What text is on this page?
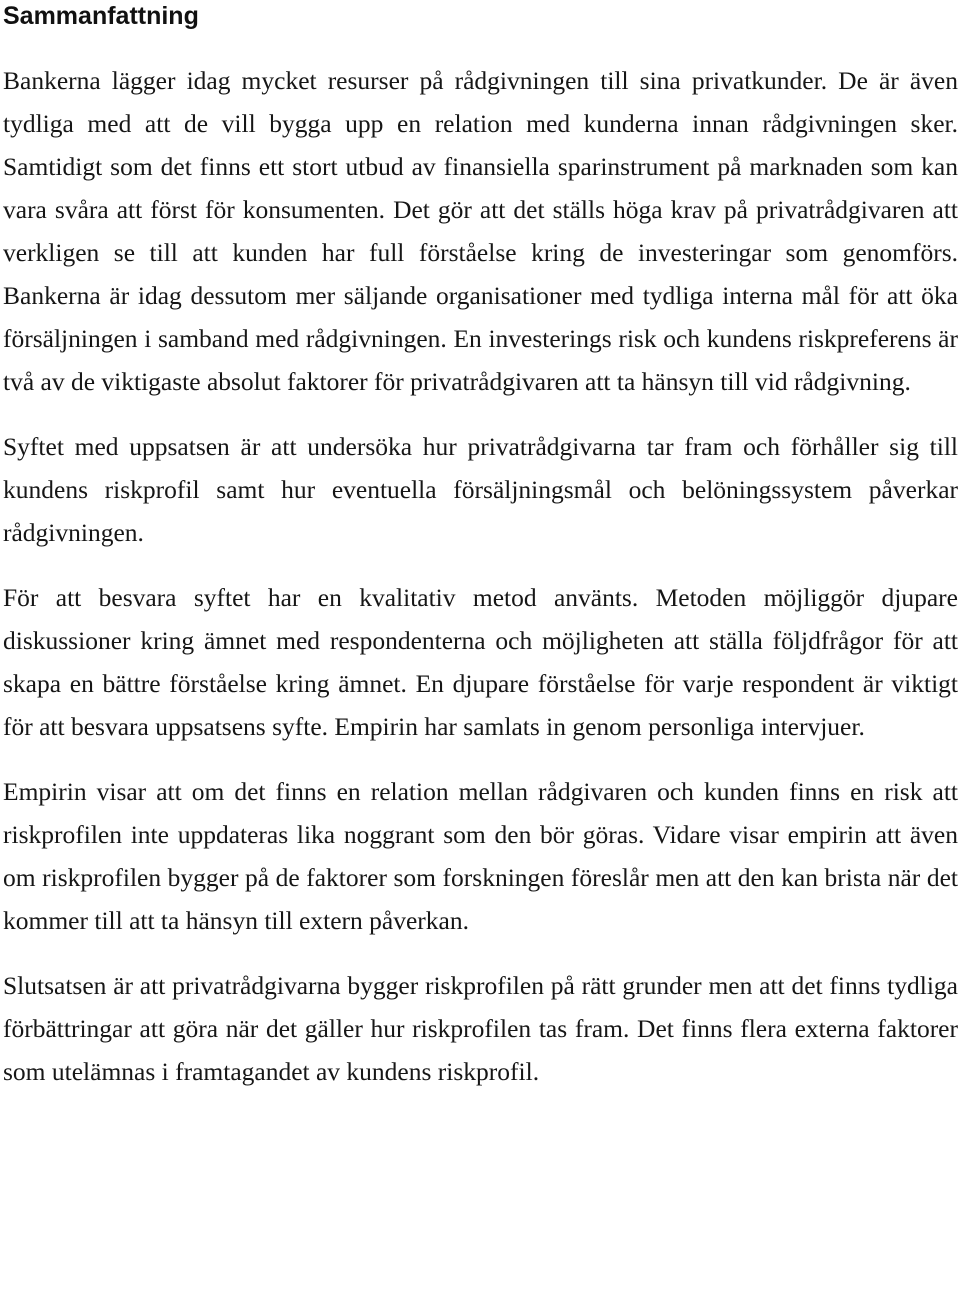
Sammanfattning

Bankerna lägger idag mycket resurser på rådgivningen till sina privatkunder. De är även tydliga med att de vill bygga upp en relation med kunderna innan rådgivningen sker. Samtidigt som det finns ett stort utbud av finansiella sparinstrument på marknaden som kan vara svåra att först för konsumenten. Det gör att det ställs höga krav på privatrådgivaren att verkligen se till att kunden har full förståelse kring de investeringar som genomförs. Bankerna är idag dessutom mer säljande organisationer med tydliga interna mål för att öka försäljningen i samband med rådgivningen. En investerings risk och kundens riskpreferens är två av de viktigaste absolut faktorer för privatrådgivaren att ta hänsyn till vid rådgivning.

Syftet med uppsatsen är att undersöka hur privatrådgivarna tar fram och förhåller sig till kundens riskprofil samt hur eventuella försäljningsmål och belöningssystem påverkar rådgivningen.

För att besvara syftet har en kvalitativ metod använts. Metoden möjliggör djupare diskussioner kring ämnet med respondenterna och möjligheten att ställa följdfrågor för att skapa en bättre förståelse kring ämnet. En djupare förståelse för varje respondent är viktigt för att besvara uppsatsens syfte. Empirin har samlats in genom personliga intervjuer.

Empirin visar att om det finns en relation mellan rådgivaren och kunden finns en risk att riskprofilen inte uppdateras lika noggrant som den bör göras. Vidare visar empirin att även om riskprofilen bygger på de faktorer som forskningen föreslår men att den kan brista när det kommer till att ta hänsyn till extern påverkan.

Slutsatsen är att privatrådgivarna bygger riskprofilen på rätt grunder men att det finns tydliga förbättringar att göra när det gäller hur riskprofilen tas fram. Det finns flera externa faktorer som utelämnas i framtagandet av kundens riskprofil.
